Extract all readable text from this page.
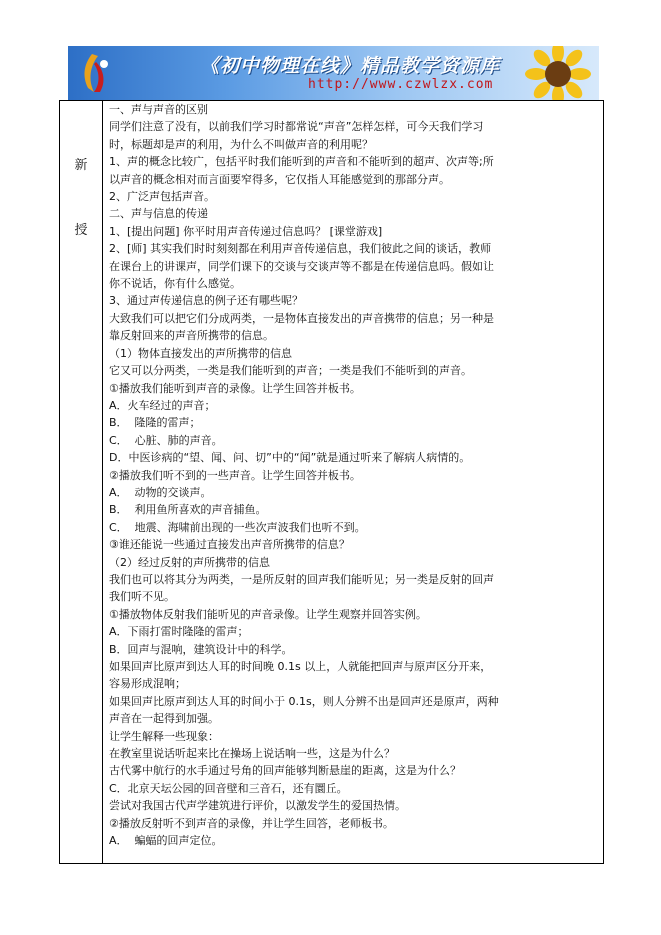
《初中物理在线》精品教学资源库
http://www.czwlzx.com
新
授

一、声与声音的区别

同学们注意了没有，以前我们学习时都常说“声音”怎样怎样，可今天我们学习

时，标题却是声的利用，为什么不叫做声音的利用呢？

1、声的概念比较广，包括平时我们能听到的声音和不能听到的超声、次声等;所

以声音的概念相对而言面要窄得多，它仅指人耳能感觉到的那部分声。

2、广泛声包括声音。

二、声与信息的传递

1、[提出问题] 你平时用声音传递过信息吗？ [课堂游戏]

2、[师] 其实我们时时刻刻都在利用声音传递信息，我们彼此之间的谈话，教师

在课台上的讲课声，同学们课下的交谈与交谈声等不都是在传递信息吗。假如让

你不说话，你有什么感觉。

3、通过声传递信息的例子还有哪些呢？

大致我们可以把它们分成两类，一是物体直接发出的声音携带的信息；另一种是

靠反射回来的声音所携带的信息。

（1）物体直接发出的声所携带的信息

它又可以分两类，一类是我们能听到的声音；一类是我们不能听到的声音。

①播放我们能听到声音的录像。让学生回答并板书。

A．火车经过的声音；

B．  隆隆的雷声；

C．  心脏、肺的声音。

D．中医诊病的“望、闻、问、切”中的“闻”就是通过听来了解病人病情的。

②播放我们听不到的一些声音。让学生回答并板书。

A．  动物的交谈声。

B．  利用鱼所喜欢的声音捕鱼。

C．  地震、海啸前出现的一些次声波我们也听不到。

③谁还能说一些通过直接发出声音所携带的信息？

（2）经过反射的声所携带的信息

我们也可以将其分为两类，一是所反射的回声我们能听见；另一类是反射的回声

我们听不见。

①播放物体反射我们能听见的声音录像。让学生观察并回答实例。

A．下雨打雷时隆隆的雷声；

B．回声与混响，建筑设计中的科学。

如果回声比原声到达人耳的时间晚 0.1s 以上，人就能把回声与原声区分开来，

容易形成混响；

如果回声比原声到达人耳的时间小于 0.1s，则人分辨不出是回声还是原声，两种

声音在一起得到加强。

让学生解释一些现象：

在教室里说话听起来比在操场上说话响一些，这是为什么？

古代雾中航行的水手通过号角的回声能够判断悬崖的距离，这是为什么？

C．北京天坛公园的回音壁和三音石，还有圜丘。

尝试对我国古代声学建筑进行评价，以激发学生的爱国热情。

②播放反射听不到声音的录像，并让学生回答，老师板书。

A．  蝙蝠的回声定位。
